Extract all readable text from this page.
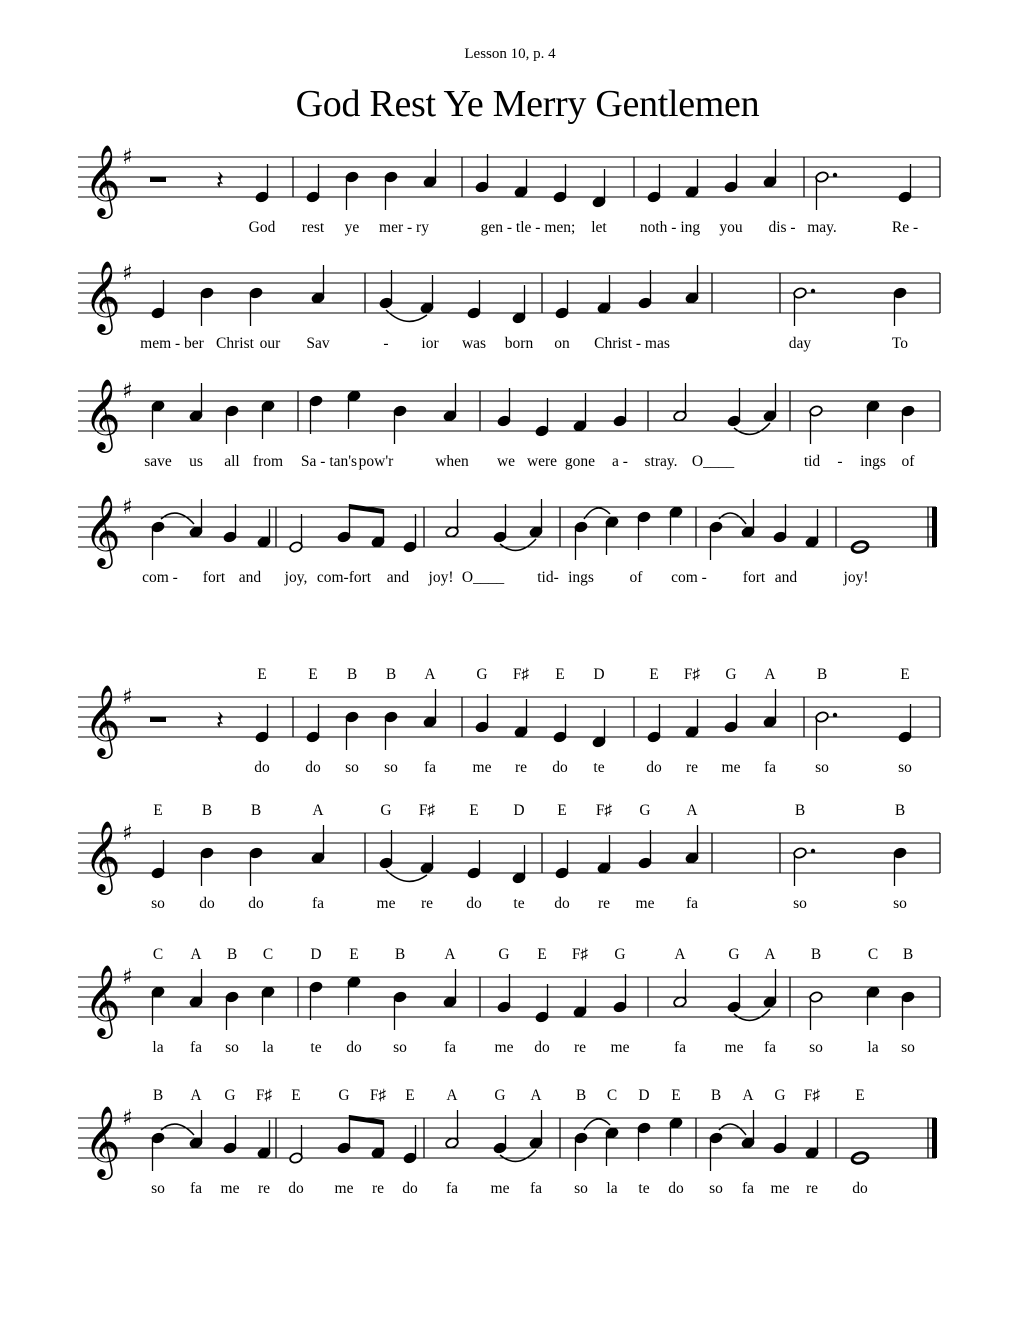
Lesson 10, p. 4
God Rest Ye Merry Gentlemen
𝄞 ♯
𝄽
God rest ye mer - ry	gen - tle - men; let noth - ing you dis - may.	Re -
𝄞 ♯
mem - ber Christ our Sav	- ior was born on Christ - mas	day	To
𝄞 ♯
save us all from Sa - tan's pow'r	when we were gone a - stray. O____	tid - ings of
𝄞 ♯
com - fort and joy, com-fort and joy! O____ tid- ings of com - fort and	joy!
𝄞 ♯
𝄽
E	E B B A	G F♯ E D	E F♯ G A	B	E
do do so so fa me re do te	do re me fa	so	so
𝄞 ♯
E	B B	A	G F♯ E D E F♯ G A	B	B
so do do	fa	me re do te do re me fa	so	so
𝄞 ♯
C A B C D E B	A	G E F♯ G	A	G A B	C B
la fa so la te do so fa me do re me	fa me fa so	la so
𝄞 ♯
B A G F♯ E G F♯ E A G A B C D E B A G F♯ E
so fa me re do me re do fa me fa so la te do so fa me re do
